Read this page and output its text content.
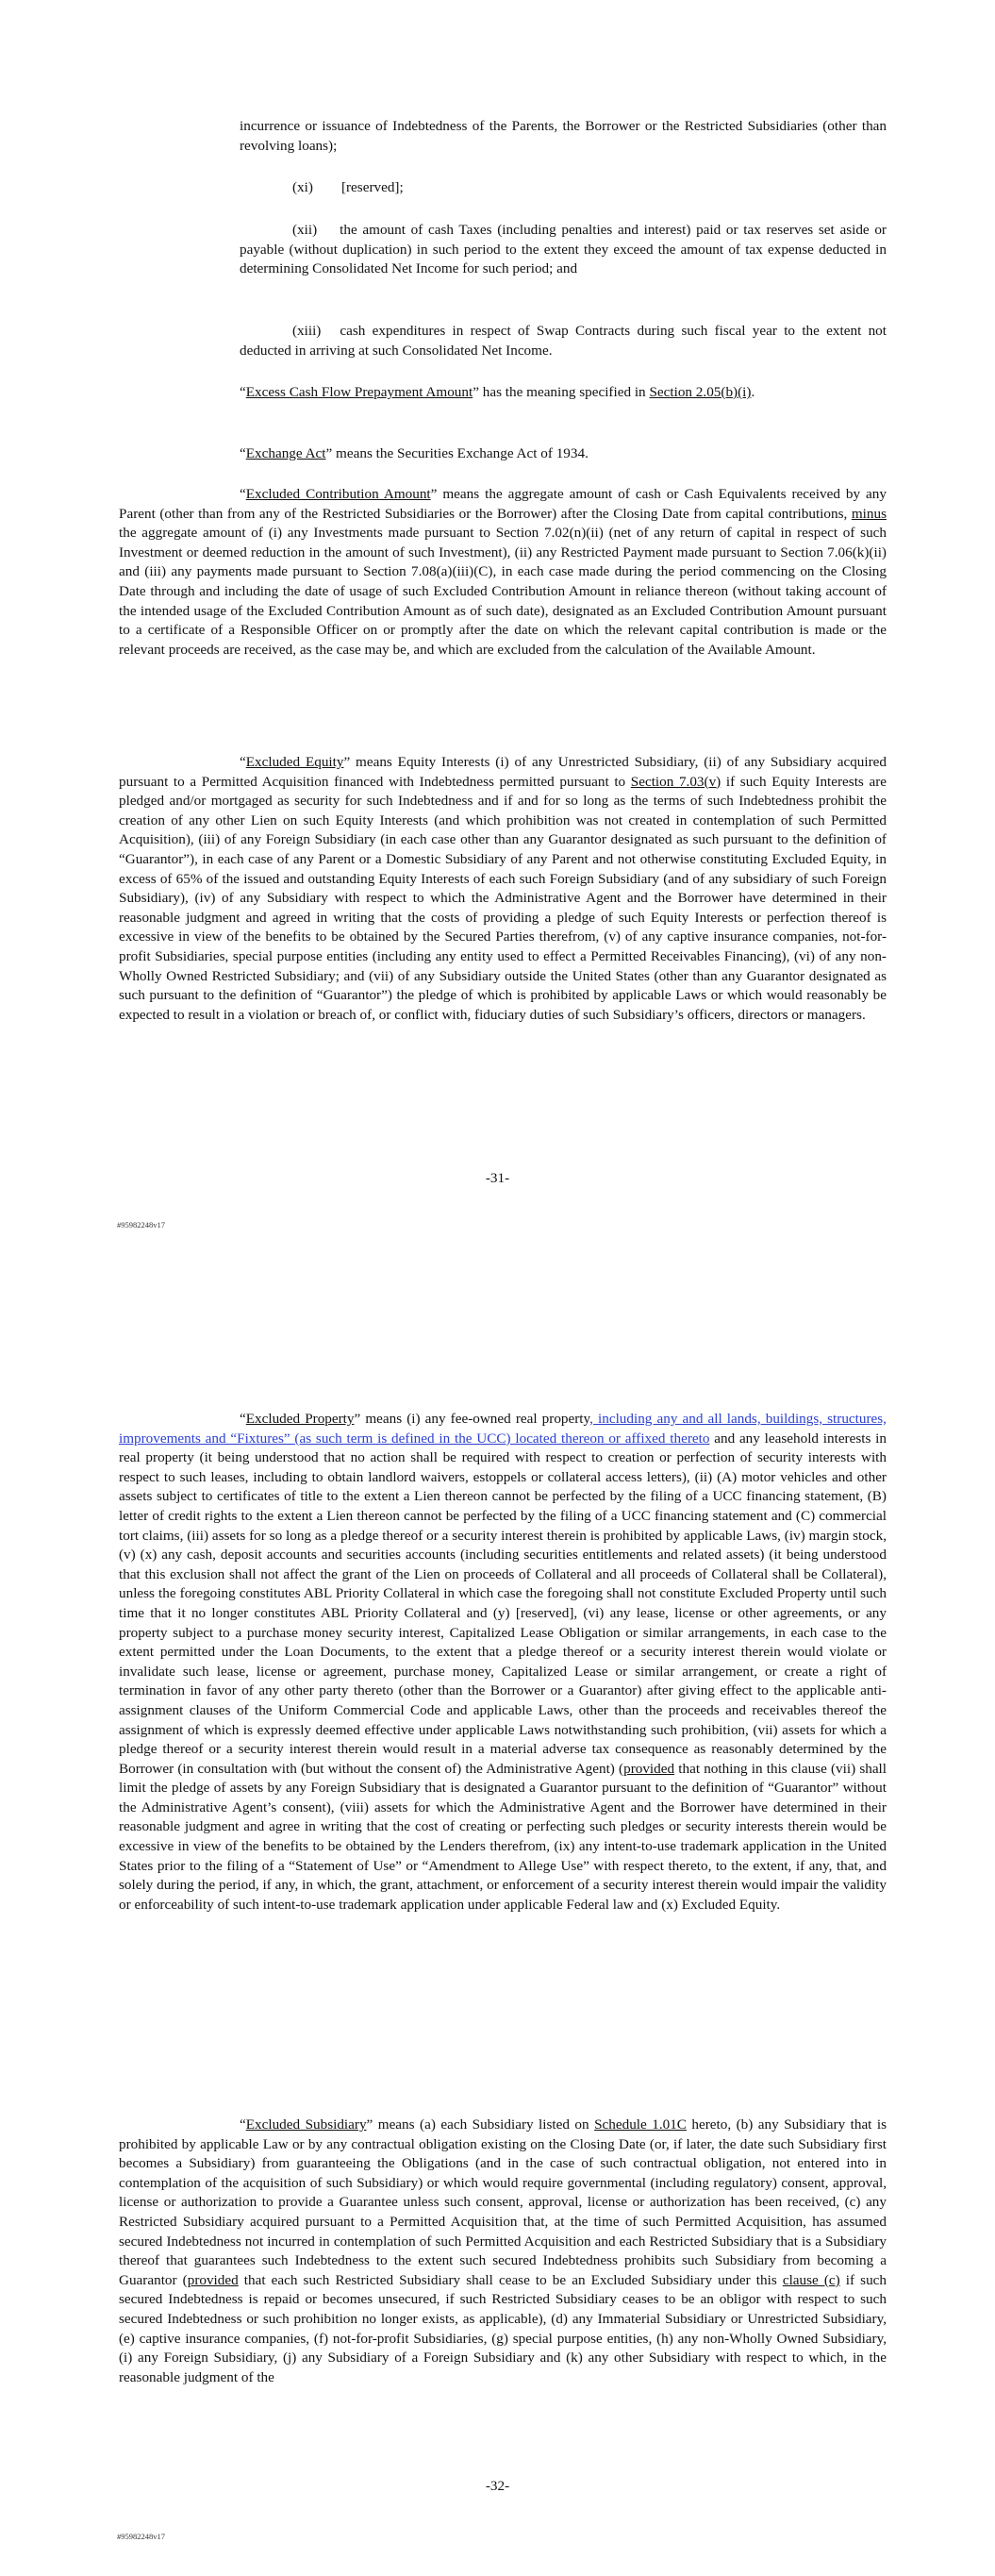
incurrence or issuance of Indebtedness of the Parents, the Borrower or the Restricted Subsidiaries (other than revolving loans);

(xi) [reserved];

(xii) the amount of cash Taxes (including penalties and interest) paid or tax reserves set aside or payable (without duplication) in such period to the extent they exceed the amount of tax expense deducted in determining Consolidated Net Income for such period; and

(xiii) cash expenditures in respect of Swap Contracts during such fiscal year to the extent not deducted in arriving at such Consolidated Net Income.

“Excess Cash Flow Prepayment Amount” has the meaning specified in Section 2.05(b)(i).

“Exchange Act” means the Securities Exchange Act of 1934.

“Excluded Contribution Amount” means the aggregate amount of cash or Cash Equivalents received by any Parent (other than from any of the Restricted Subsidiaries or the Borrower) after the Closing Date from capital contributions, minus the aggregate amount of (i) any Investments made pursuant to Section 7.02(n)(ii) (net of any return of capital in respect of such Investment or deemed reduction in the amount of such Investment), (ii) any Restricted Payment made pursuant to Section 7.06(k)(ii) and (iii) any payments made pursuant to Section 7.08(a)(iii)(C), in each case made during the period commencing on the Closing Date through and including the date of usage of such Excluded Contribution Amount in reliance thereon (without taking account of the intended usage of the Excluded Contribution Amount as of such date), designated as an Excluded Contribution Amount pursuant to a certificate of a Responsible Officer on or promptly after the date on which the relevant capital contribution is made or the relevant proceeds are received, as the case may be, and which are excluded from the calculation of the Available Amount.

“Excluded Equity” means Equity Interests (i) of any Unrestricted Subsidiary, (ii) of any Subsidiary acquired pursuant to a Permitted Acquisition financed with Indebtedness permitted pursuant to Section 7.03(v) if such Equity Interests are pledged and/or mortgaged as security for such Indebtedness and if and for so long as the terms of such Indebtedness prohibit the creation of any other Lien on such Equity Interests (and which prohibition was not created in contemplation of such Permitted Acquisition), (iii) of any Foreign Subsidiary (in each case other than any Guarantor designated as such pursuant to the definition of “Guarantor”), in each case of any Parent or a Domestic Subsidiary of any Parent and not otherwise constituting Excluded Equity, in excess of 65% of the issued and outstanding Equity Interests of each such Foreign Subsidiary (and of any subsidiary of such Foreign Subsidiary), (iv) of any Subsidiary with respect to which the Administrative Agent and the Borrower have determined in their reasonable judgment and agreed in writing that the costs of providing a pledge of such Equity Interests or perfection thereof is excessive in view of the benefits to be obtained by the Secured Parties therefrom, (v) of any captive insurance companies, not-for-profit Subsidiaries, special purpose entities (including any entity used to effect a Permitted Receivables Financing), (vi) of any non-Wholly Owned Restricted Subsidiary; and (vii) of any Subsidiary outside the United States (other than any Guarantor designated as such pursuant to the definition of “Guarantor”) the pledge of which is prohibited by applicable Laws or which would reasonably be expected to result in a violation or breach of, or conflict with, fiduciary duties of such Subsidiary’s officers, directors or managers.

-31-
#95982248v17

“Excluded Property” means (i) any fee-owned real property, including any and all lands, buildings, structures, improvements and “Fixtures” (as such term is defined in the UCC) located thereon or affixed thereto and any leasehold interests in real property (it being understood that no action shall be required with respect to creation or perfection of security interests with respect to such leases, including to obtain landlord waivers, estoppels or collateral access letters), (ii) (A) motor vehicles and other assets subject to certificates of title to the extent a Lien thereon cannot be perfected by the filing of a UCC financing statement, (B) letter of credit rights to the extent a Lien thereon cannot be perfected by the filing of a UCC financing statement and (C) commercial tort claims, (iii) assets for so long as a pledge thereof or a security interest therein is prohibited by applicable Laws, (iv) margin stock, (v) (x) any cash, deposit accounts and securities accounts (including securities entitlements and related assets) (it being understood that this exclusion shall not affect the grant of the Lien on proceeds of Collateral and all proceeds of Collateral shall be Collateral), unless the foregoing constitutes ABL Priority Collateral in which case the foregoing shall not constitute Excluded Property until such time that it no longer constitutes ABL Priority Collateral and (y) [reserved], (vi) any lease, license or other agreements, or any property subject to a purchase money security interest, Capitalized Lease Obligation or similar arrangements, in each case to the extent permitted under the Loan Documents, to the extent that a pledge thereof or a security interest therein would violate or invalidate such lease, license or agreement, purchase money, Capitalized Lease or similar arrangement, or create a right of termination in favor of any other party thereto (other than the Borrower or a Guarantor) after giving effect to the applicable anti-assignment clauses of the Uniform Commercial Code and applicable Laws, other than the proceeds and receivables thereof the assignment of which is expressly deemed effective under applicable Laws notwithstanding such prohibition, (vii) assets for which a pledge thereof or a security interest therein would result in a material adverse tax consequence as reasonably determined by the Borrower (in consultation with (but without the consent of) the Administrative Agent) (provided that nothing in this clause (vii) shall limit the pledge of assets by any Foreign Subsidiary that is designated a Guarantor pursuant to the definition of “Guarantor” without the Administrative Agent’s consent), (viii) assets for which the Administrative Agent and the Borrower have determined in their reasonable judgment and agree in writing that the cost of creating or perfecting such pledges or security interests therein would be excessive in view of the benefits to be obtained by the Lenders therefrom, (ix) any intent-to-use trademark application in the United States prior to the filing of a “Statement of Use” or “Amendment to Allege Use” with respect thereto, to the extent, if any, that, and solely during the period, if any, in which, the grant, attachment, or enforcement of a security interest therein would impair the validity or enforceability of such intent-to-use trademark application under applicable Federal law and (x) Excluded Equity.

“Excluded Subsidiary” means (a) each Subsidiary listed on Schedule 1.01C hereto, (b) any Subsidiary that is prohibited by applicable Law or by any contractual obligation existing on the Closing Date (or, if later, the date such Subsidiary first becomes a Subsidiary) from guaranteeing the Obligations (and in the case of such contractual obligation, not entered into in contemplation of the acquisition of such Subsidiary) or which would require governmental (including regulatory) consent, approval, license or authorization to provide a Guarantee unless such consent, approval, license or authorization has been received, (c) any Restricted Subsidiary acquired pursuant to a Permitted Acquisition that, at the time of such Permitted Acquisition, has assumed secured Indebtedness not incurred in contemplation of such Permitted Acquisition and each Restricted Subsidiary that is a Subsidiary thereof that guarantees such Indebtedness to the extent such secured Indebtedness prohibits such Subsidiary from becoming a Guarantor (provided that each such Restricted Subsidiary shall cease to be an Excluded Subsidiary under this clause (c) if such secured Indebtedness is repaid or becomes unsecured, if such Restricted Subsidiary ceases to be an obligor with respect to such secured Indebtedness or such prohibition no longer exists, as applicable), (d) any Immaterial Subsidiary or Unrestricted Subsidiary, (e) captive insurance companies, (f) not-for-profit Subsidiaries, (g) special purpose entities, (h) any non-Wholly Owned Subsidiary, (i) any Foreign Subsidiary, (j) any Subsidiary of a Foreign Subsidiary and (k) any other Subsidiary with respect to which, in the reasonable judgment of the

-32-
#95982248v17
